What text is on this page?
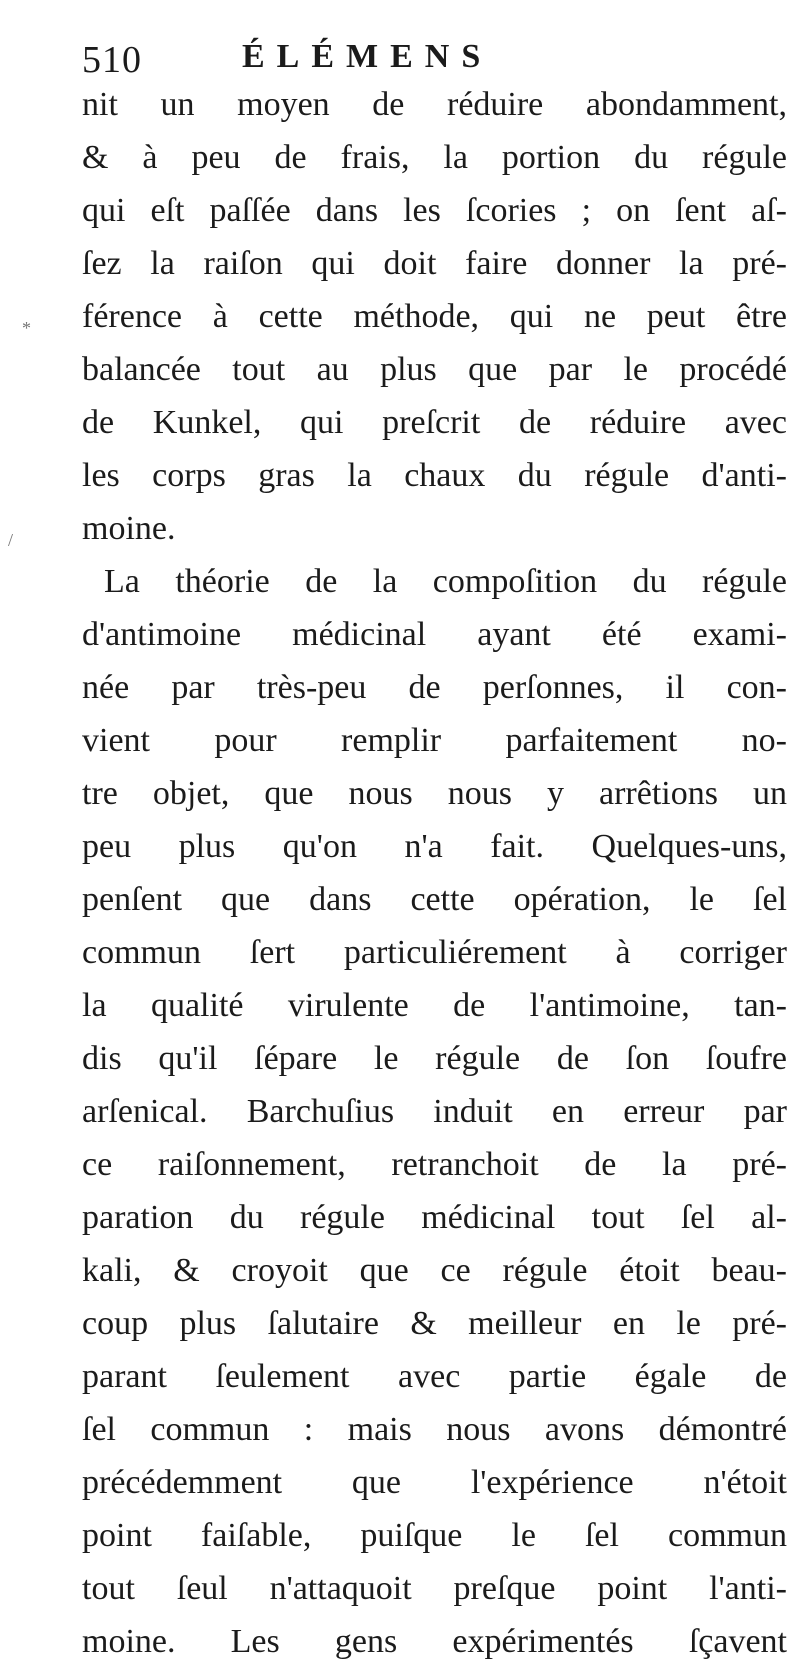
510	ÉLÉMENS
nit un moyen de réduire abondamment,
& à peu de frais, la portion du régule
qui eſt paſſée dans les ſcories ; on ſent aſ-
ſez la raiſon qui doit faire donner la pré-
férence à cette méthode, qui ne peut être
balancée tout au plus que par le procédé
de Kunkel, qui preſcrit de réduire avec
les corps gras la chaux du régule d'anti-
moine.
La théorie de la compoſition du régule
d'antimoine médicinal ayant été exami-
née par très-peu de perſonnes, il con-
vient pour remplir parfaitement no-
tre objet, que nous nous y arrêtions un
peu plus qu'on n'a fait. Quelques-uns,
penſent que dans cette opération, le ſel
commun ſert particuliérement à corriger
la qualité virulente de l'antimoine, tan-
dis qu'il ſépare le régule de ſon ſoufre
arſenical. Barchuſius induit en erreur par
ce raiſonnement, retranchoit de la pré-
paration du régule médicinal tout ſel al-
kali, & croyoit que ce régule étoit beau-
coup plus ſalutaire & meilleur en le pré-
parant ſeulement avec partie égale de
ſel commun : mais nous avons démontré
précédemment que l'expérience n'étoit
point faiſable, puiſque le ſel commun
tout ſeul n'attaquoit preſque point l'anti-
moine. Les gens expérimentés ſçavent
*
/
